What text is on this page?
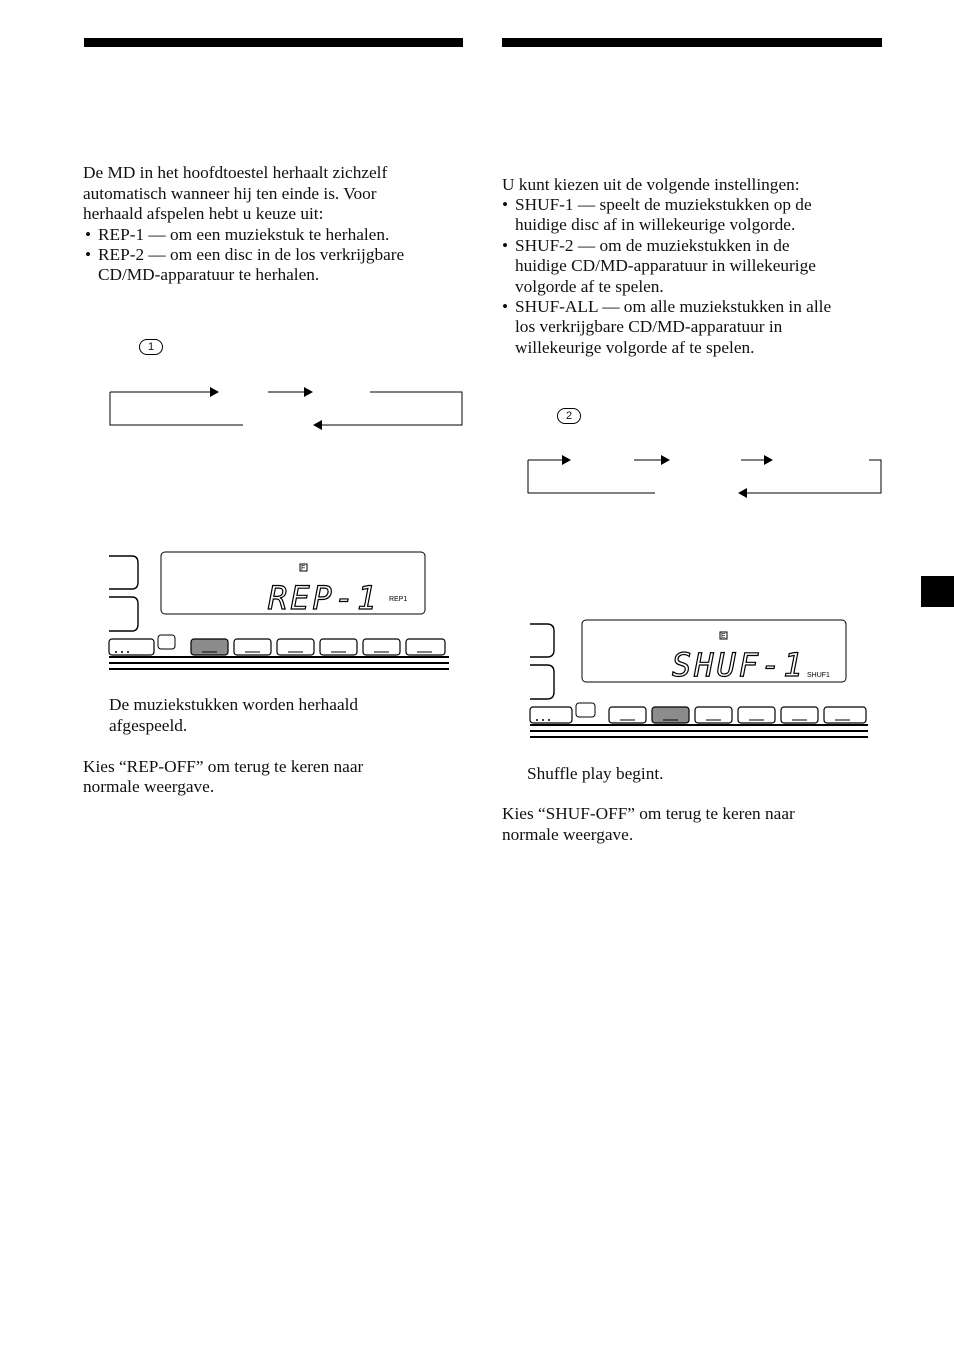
De MD in het hoofdtoestel herhaalt zichzelf
automatisch wanneer hij ten einde is. Voor
herhaald afspelen hebt u keuze uit:
• REP-1 — om een muziekstuk te herhalen.
• REP-2 — om een disc in de los verkrijgbare
CD/MD-apparatuur te herhalen.
1
F
REP-1 REP1
De muziekstukken worden herhaald
afgespeeld.
Kies “REP-OFF” om terug te keren naar
normale weergave.
U kunt kiezen uit de volgende instellingen:
• SHUF-1 — speelt de muziekstukken op de
huidige disc af in willekeurige volgorde.
• SHUF-2 — om de muziekstukken in de
huidige CD/MD-apparatuur in willekeurige
volgorde af te spelen.
• SHUF-ALL — om alle muziekstukken in alle
los verkrijgbare CD/MD-apparatuur in
willekeurige volgorde af te spelen.
2
E
SHUF-1 SHUF1
Shuffle play begint.
Kies “SHUF-OFF” om terug te keren naar
normale weergave.
